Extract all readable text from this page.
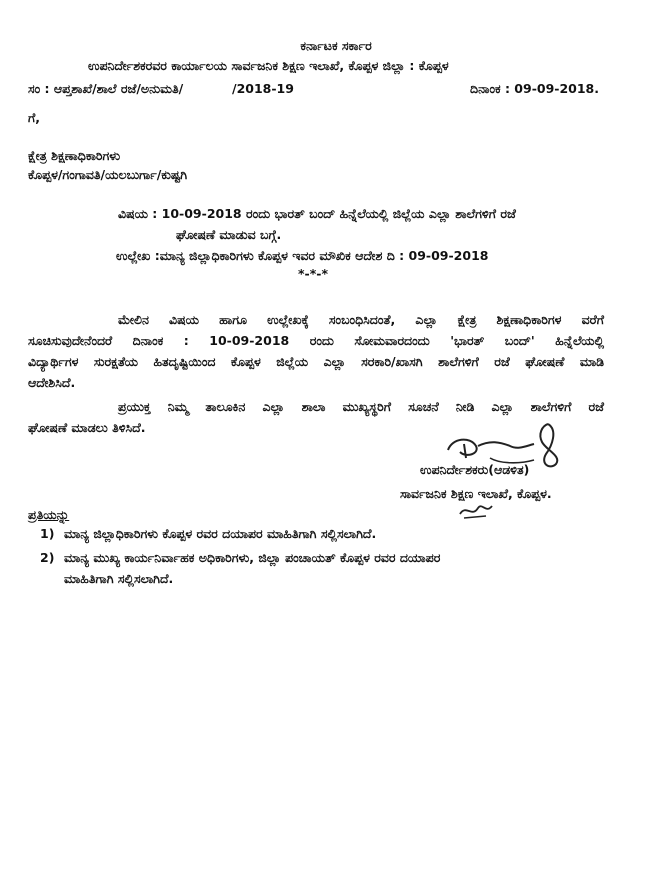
ಕರ್ನಾಟಕ ಸರ್ಕಾರ
ಉಪನಿರ್ದೇಶಕರವರ ಕಾರ್ಯಾಲಯ ಸಾರ್ವಜನಿಕ ಶಿಕ್ಷಣ ಇಲಾಖೆ, ಕೊಪ್ಪಳ ಜಿಲ್ಲಾ : ಕೊಪ್ಪಳ
ಸಂ : ಆಪ್ತಶಾಖೆ/ಶಾಲೆ ರಜೆ/ಅನುಮತಿ/	/2018-19	ದಿನಾಂಕ : 09-09-2018.
ಗೆ,
ಕ್ಷೇತ್ರ ಶಿಕ್ಷಣಾಧಿಕಾರಿಗಳು
ಕೊಪ್ಪಳ/ಗಂಗಾವತಿ/ಯಲಬುರ್ಗಾ/ಕುಷ್ಟಗಿ
ವಿಷಯ : 10-09-2018 ರಂದು ಭಾರತ್ ಬಂದ್ ಹಿನ್ನೆಲೆಯಲ್ಲಿ ಜಿಲ್ಲೆಯ ಎಲ್ಲಾ ಶಾಲೆಗಳಿಗೆ ರಜೆ
ಘೋಷಣೆ ಮಾಡುವ ಬಗ್ಗೆ.
ಉಲ್ಲೇಖ :ಮಾನ್ಯ ಜಿಲ್ಲಾಧಿಕಾರಿಗಳು ಕೊಪ್ಪಳ ಇವರ ಮೌಖಿಕ ಆದೇಶ ದಿ : 09-09-2018
*-*-*
ಮೇಲಿನ ವಿಷಯ ಹಾಗೂ ಉಲ್ಲೇಖಕ್ಕೆ ಸಂಬಂಧಿಸಿದಂತೆ, ಎಲ್ಲಾ ಕ್ಷೇತ್ರ ಶಿಕ್ಷಣಾಧಿಕಾರಿಗಳ ವರೆಗೆ
ಸೂಚಿಸುವುದೇನೆಂದರೆ ದಿನಾಂಕ : 10-09-2018 ರಂದು ಸೋಮವಾರದಂದು 'ಭಾರತ್ ಬಂದ್' ಹಿನ್ನೆಲೆಯಲ್ಲಿ
ವಿದ್ಯಾರ್ಥಿಗಳ ಸುರಕ್ಷತೆಯ ಹಿತದೃಷ್ಟಿಯಿಂದ ಕೊಪ್ಪಳ ಜಿಲ್ಲೆಯ ಎಲ್ಲಾ ಸರಕಾರಿ/ಖಾಸಗಿ ಶಾಲೆಗಳಿಗೆ ರಜೆ ಘೋಷಣೆ ಮಾಡಿ
ಆದೇಶಿಸಿದೆ.
ಪ್ರಯುಕ್ತ ನಿಮ್ಮ ತಾಲೂಕಿನ ಎಲ್ಲಾ ಶಾಲಾ ಮುಖ್ಯಸ್ಥರಿಗೆ ಸೂಚನೆ ನೀಡಿ ಎಲ್ಲಾ ಶಾಲೆಗಳಿಗೆ ರಜೆ
ಘೋಷಣೆ ಮಾಡಲು ತಿಳಿಸಿದೆ.
ಉಪನಿರ್ದೇಶಕರು(ಆಡಳಿತ)
ಸಾರ್ವಜನಿಕ ಶಿಕ್ಷಣ ಇಲಾಖೆ, ಕೊಪ್ಪಳ.
ಪ್ರತಿಯನ್ನು
1) ಮಾನ್ಯ ಜಿಲ್ಲಾಧಿಕಾರಿಗಳು ಕೊಪ್ಪಳ ರವರ ದಯಾಪರ ಮಾಹಿತಿಗಾಗಿ ಸಲ್ಲಿಸಲಾಗಿದೆ.
2) ಮಾನ್ಯ ಮುಖ್ಯ ಕಾರ್ಯನಿರ್ವಾಹಕ ಅಧಿಕಾರಿಗಳು, ಜಿಲ್ಲಾ ಪಂಚಾಯತ್ ಕೊಪ್ಪಳ ರವರ ದಯಾಪರ
ಮಾಹಿತಿಗಾಗಿ ಸಲ್ಲಿಸಲಾಗಿದೆ.
